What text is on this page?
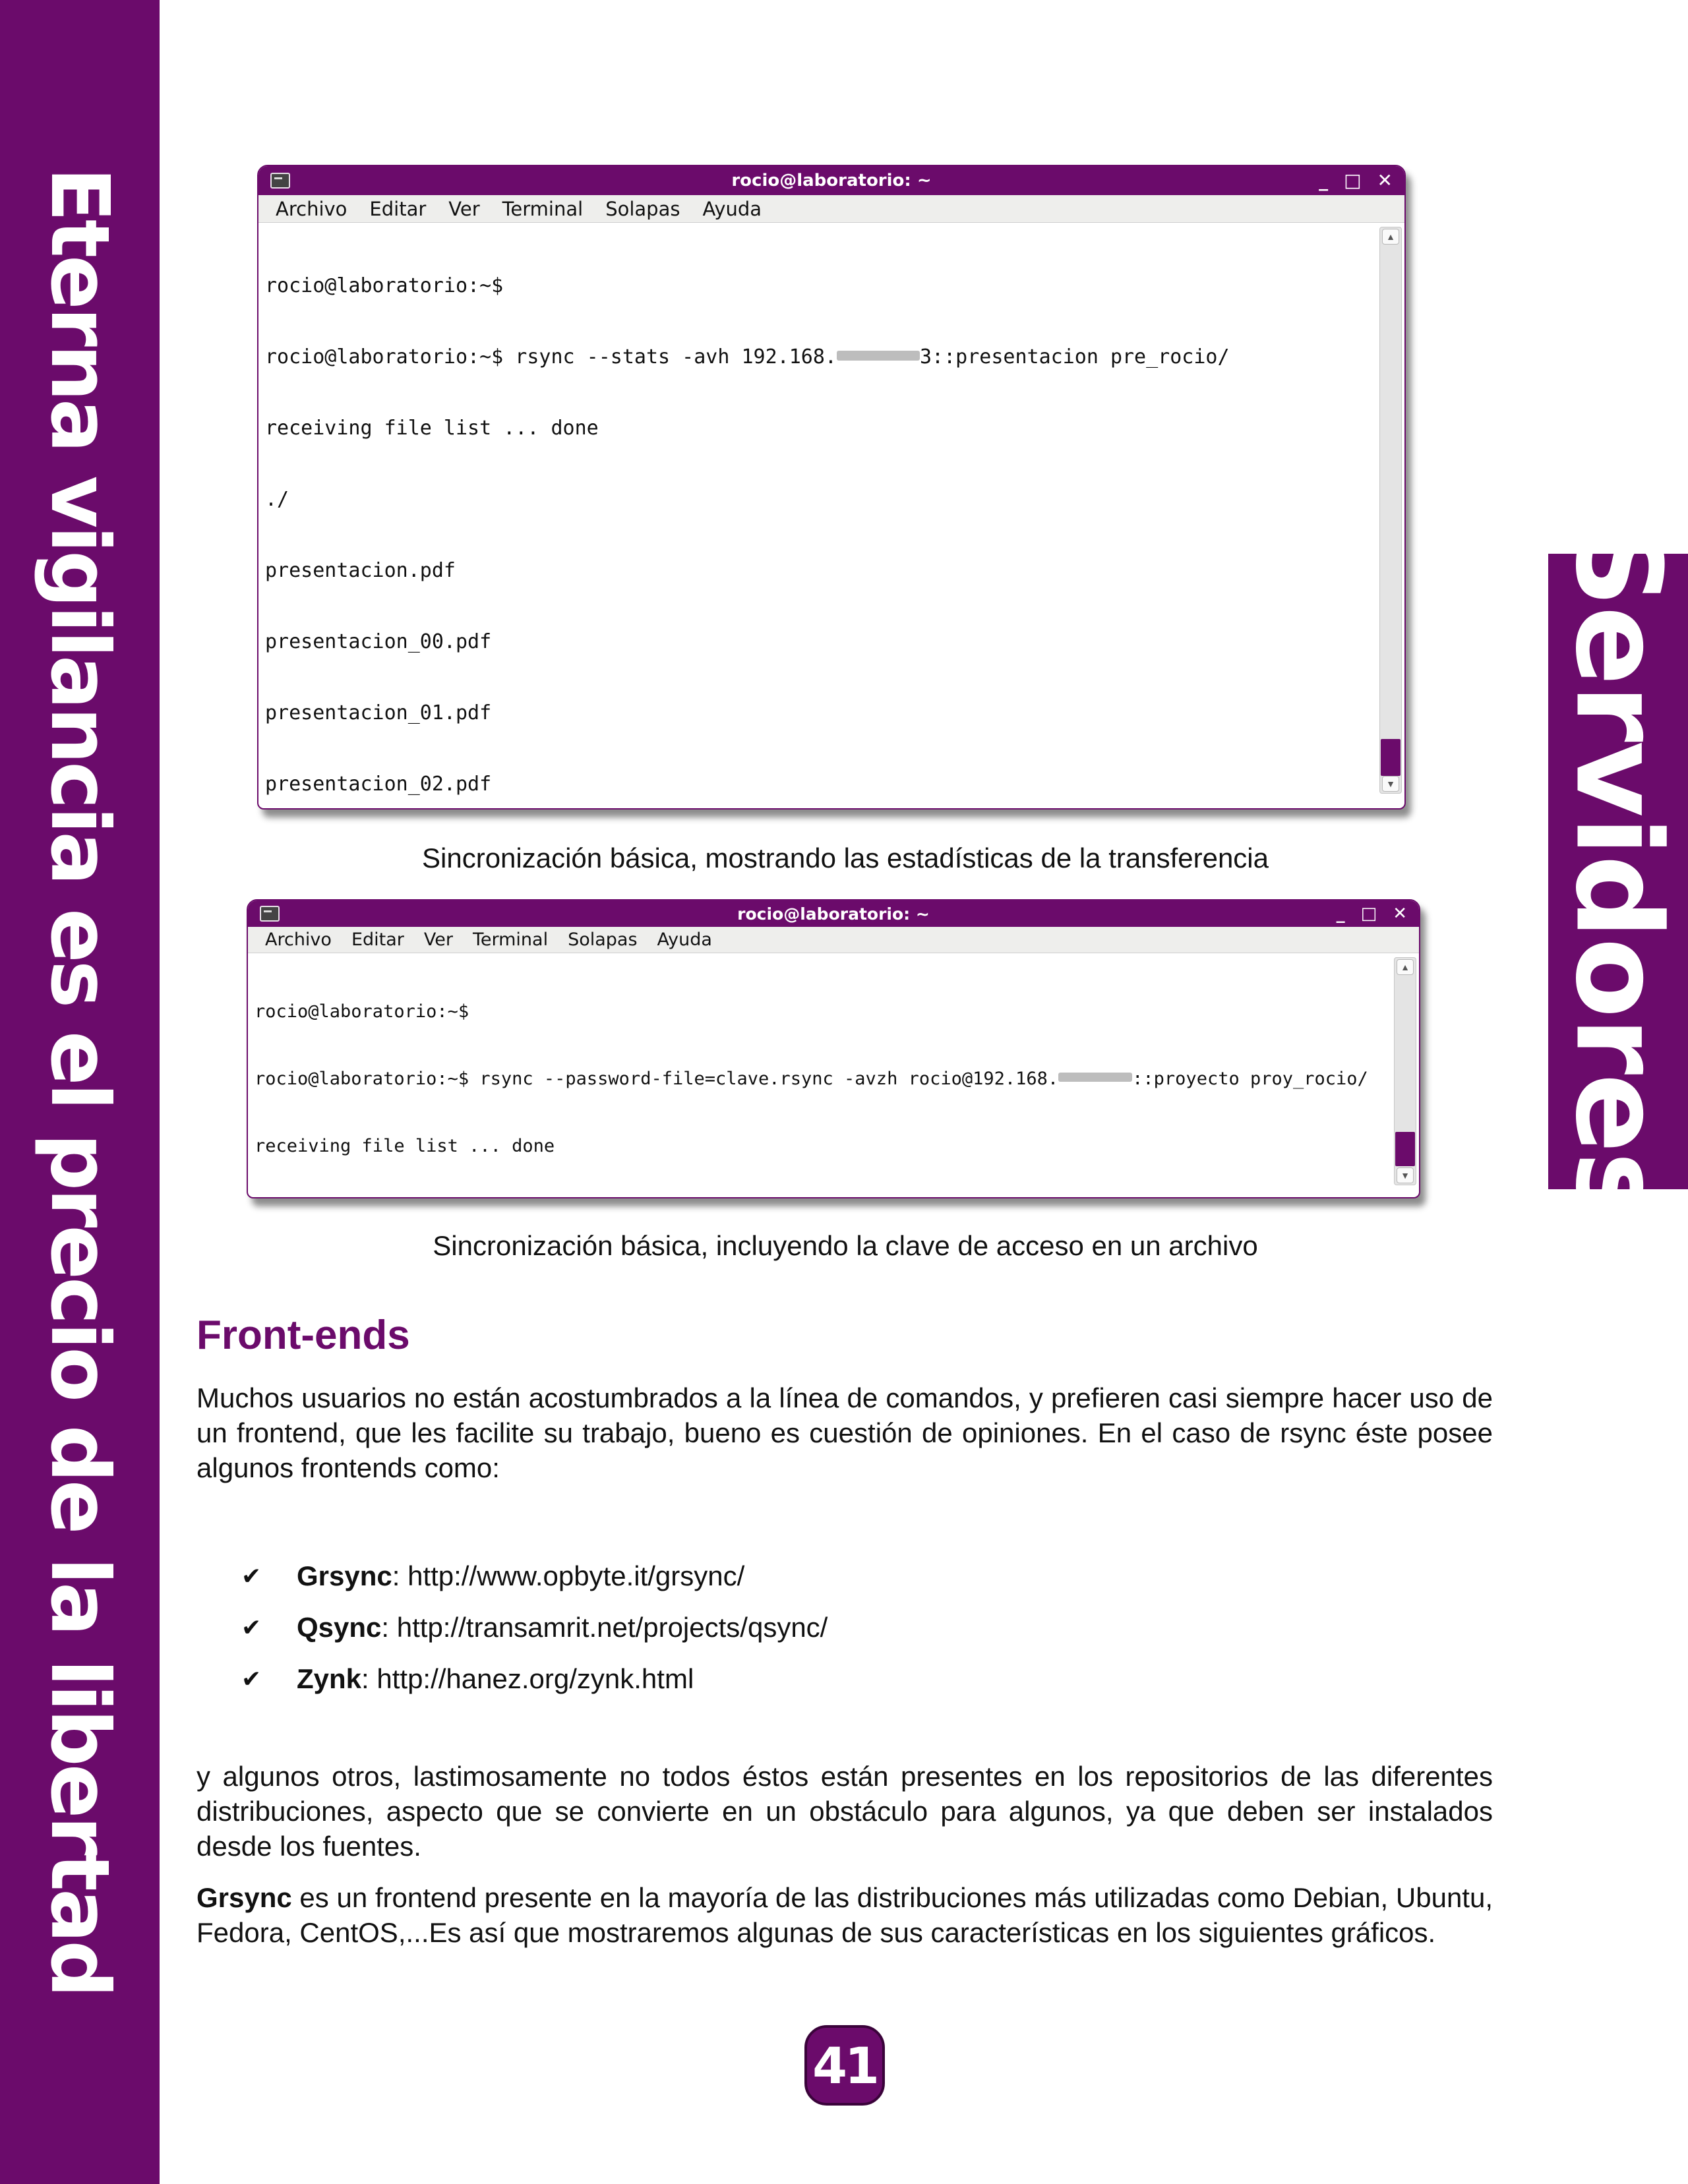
Eterna vigilancia es el precio de la libertad	Servidores
rocio@laboratorio: ~	_ □ ✕
Archivo Editar Ver Terminal Solapas Ayuda

rocio@laboratorio:~$

rocio@laboratorio:~$ rsync --stats -avh 192.168.	3::presentacion pre_rocio/

receiving file list ... done

./

presentacion.pdf

presentacion_00.pdf

presentacion_01.pdf

presentacion_02.pdf

▲
▼
Sincronización básica, mostrando las estadísticas de la transferencia
rocio@laboratorio: ~	_ □ ✕
Archivo Editar Ver Terminal Solapas Ayuda

rocio@laboratorio:~$

rocio@laboratorio:~$ rsync --password-file=clave.rsync -avzh rocio@192.168.	::proyecto proy_rocio/

receiving file list ... done

▲
▼
Sincronización básica, incluyendo la clave de acceso en un archivo
Front-ends

Muchos usuarios no están acostumbrados a la línea de comandos, y prefieren casi siempre hacer uso de un frontend, que les facilite su trabajo, bueno es cuestión de opiniones. En el caso de rsync éste posee algunos frontends como:

✔ Grsync : http://www.opbyte.it/grsync/
✔ Qsync : http://transamrit.net/projects/qsync/
✔ Zynk : http://hanez.org/zynk.html

y algunos otros, lastimosamente no todos éstos están presentes en los repositorios de las diferentes distribuciones, aspecto que se convierte en un obstáculo para algunos, ya que deben ser instalados desde los fuentes.

Grsync es un frontend presente en la mayoría de las distribuciones más utilizadas como Debian, Ubuntu, Fedora, CentOS,...Es así que mostraremos algunas de sus características en los siguientes gráficos.

41
